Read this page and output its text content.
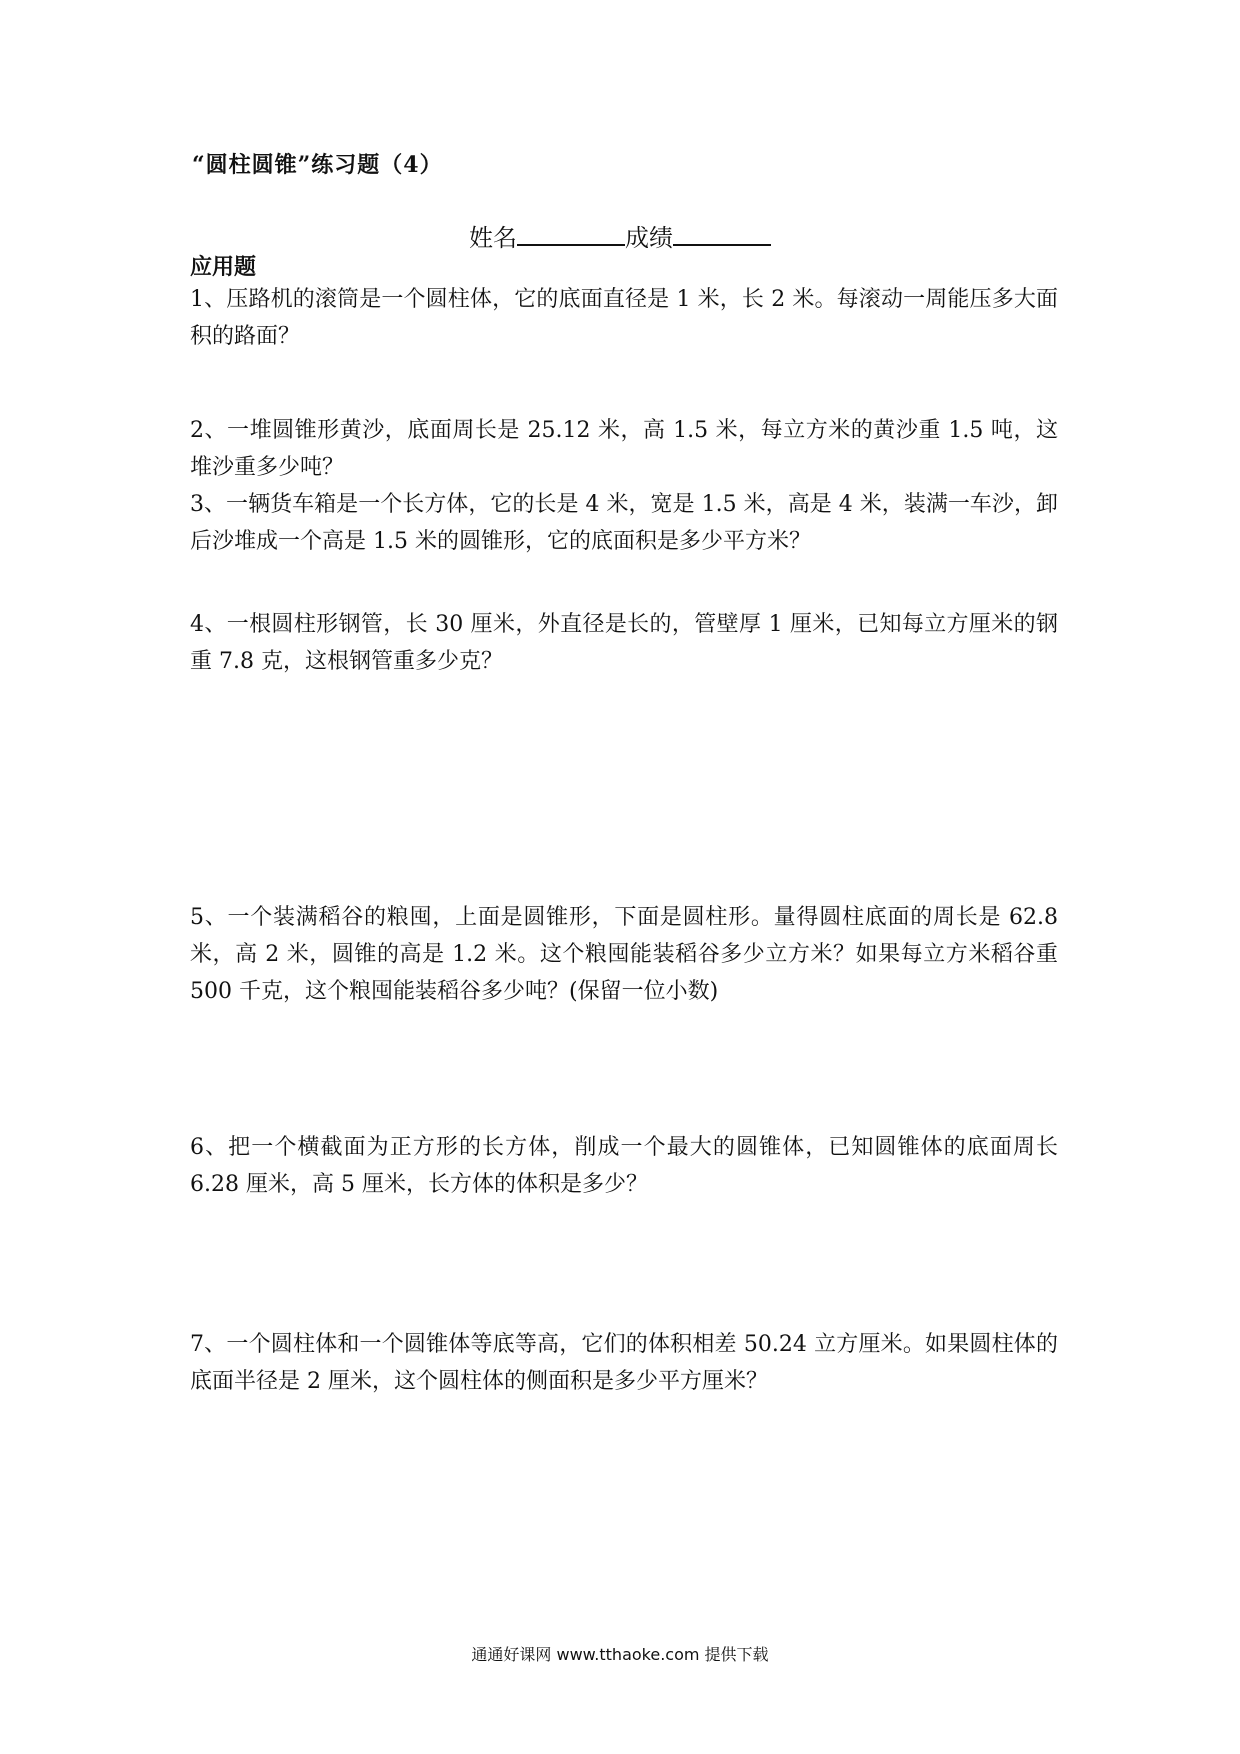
“圆柱圆锥”练习题（4）
姓名	成绩
应用题
1、压路机的滚筒是一个圆柱体，它的底面直径是 1 米，长 2 米。每滚动一周能压多大面积的路面？
2、一堆圆锥形黄沙，底面周长是 25.12 米，高 1.5 米，每立方米的黄沙重 1.5 吨，这堆沙重多少吨？
3、一辆货车箱是一个长方体，它的长是 4 米，宽是 1.5 米，高是 4 米，装满一车沙，卸后沙堆成一个高是 1.5 米的圆锥形，它的底面积是多少平方米？
4、一根圆柱形钢管，长 30 厘米，外直径是长的，管壁厚 1 厘米，已知每立方厘米的钢重 7.8 克，这根钢管重多少克？
5、一个装满稻谷的粮囤，上面是圆锥形，下面是圆柱形。量得圆柱底面的周长是 62.8 米，高 2 米，圆锥的高是 1.2 米。这个粮囤能装稻谷多少立方米？如果每立方米稻谷重 500 千克，这个粮囤能装稻谷多少吨？(保留一位小数)
6、把一个横截面为正方形的长方体，削成一个最大的圆锥体，已知圆锥体的底面周长 6.28 厘米，高 5 厘米，长方体的体积是多少？
7、一个圆柱体和一个圆锥体等底等高，它们的体积相差 50.24 立方厘米。如果圆柱体的底面半径是 2 厘米，这个圆柱体的侧面积是多少平方厘米？
通通好课网 www.tthaoke.com 提供下载
